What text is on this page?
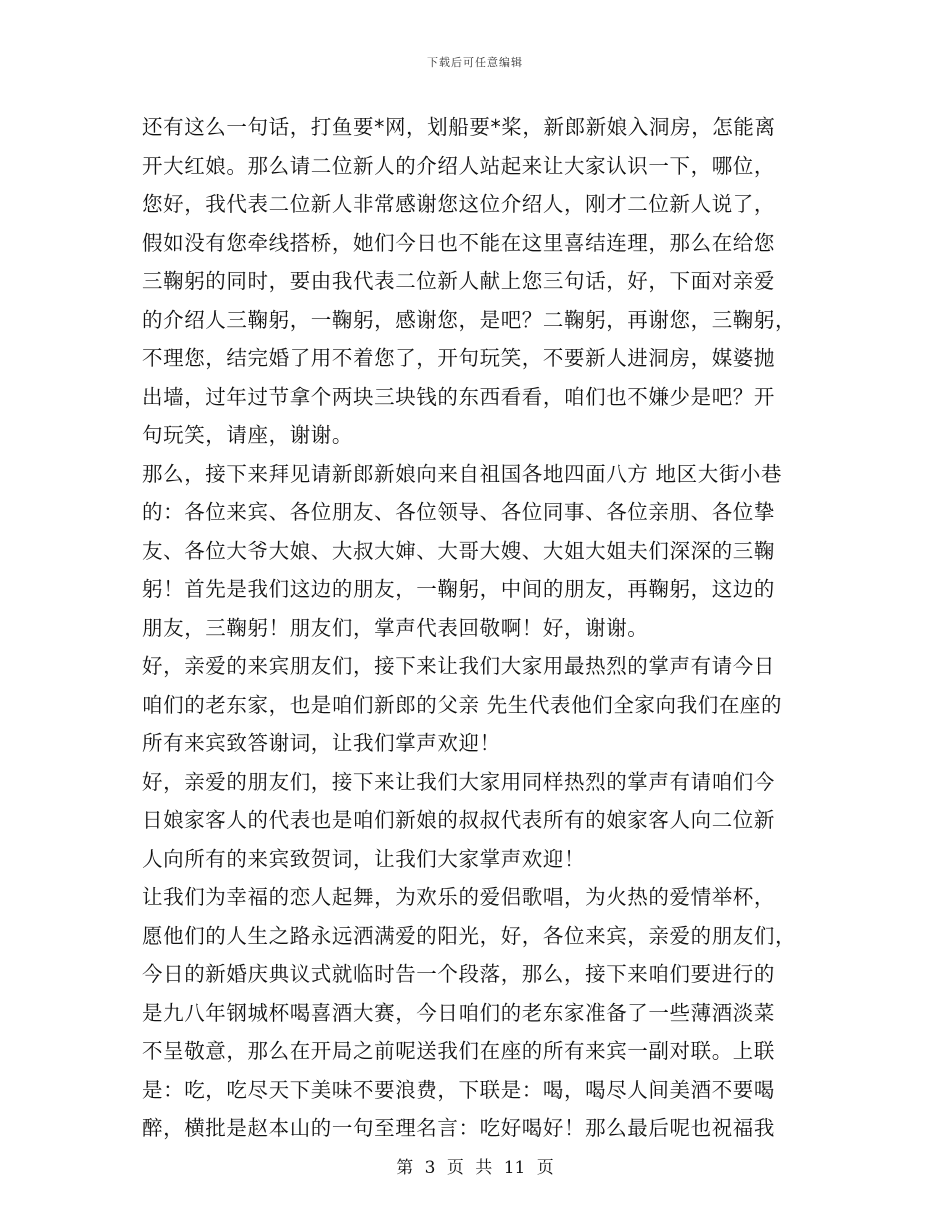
下载后可任意编辑
还有这么一句话，打鱼要*网，划船要*桨，新郎新娘入洞房，怎能离
开大红娘。那么请二位新人的介绍人站起来让大家认识一下，哪位，
您好，我代表二位新人非常感谢您这位介绍人，刚才二位新人说了，
假如没有您牵线搭桥，她们今日也不能在这里喜结连理，那么在给您
三鞠躬的同时，要由我代表二位新人献上您三句话，好，下面对亲爱
的介绍人三鞠躬，一鞠躬，感谢您，是吧？二鞠躬，再谢您，三鞠躬，
不理您，结完婚了用不着您了，开句玩笑，不要新人进洞房，媒婆抛
出墙，过年过节拿个两块三块钱的东西看看，咱们也不嫌少是吧？开
句玩笑，请座，谢谢。
那么，接下来拜见请新郎新娘向来自祖国各地四面八方 地区大街小巷
的：各位来宾、各位朋友、各位领导、各位同事、各位亲朋、各位挚
友、各位大爷大娘、大叔大婶、大哥大嫂、大姐大姐夫们深深的三鞠
躬！首先是我们这边的朋友，一鞠躬，中间的朋友，再鞠躬，这边的
朋友，三鞠躬！朋友们，掌声代表回敬啊！好，谢谢。
好，亲爱的来宾朋友们，接下来让我们大家用最热烈的掌声有请今日
咱们的老东家，也是咱们新郎的父亲 先生代表他们全家向我们在座的
所有来宾致答谢词，让我们掌声欢迎！
好，亲爱的朋友们，接下来让我们大家用同样热烈的掌声有请咱们今
日娘家客人的代表也是咱们新娘的叔叔代表所有的娘家客人向二位新
人向所有的来宾致贺词，让我们大家掌声欢迎！
让我们为幸福的恋人起舞，为欢乐的爱侣歌唱，为火热的爱情举杯，
愿他们的人生之路永远洒满爱的阳光，好，各位来宾，亲爱的朋友们，
今日的新婚庆典议式就临时告一个段落，那么，接下来咱们要进行的
是九八年钢城杯喝喜酒大赛，今日咱们的老东家准备了一些薄酒淡菜
不呈敬意，那么在开局之前呢送我们在座的所有来宾一副对联。上联
是：吃，吃尽天下美味不要浪费，下联是：喝，喝尽人间美酒不要喝
醉，横批是赵本山的一句至理名言：吃好喝好！那么最后呢也祝福我
第 3 页 共 11 页
